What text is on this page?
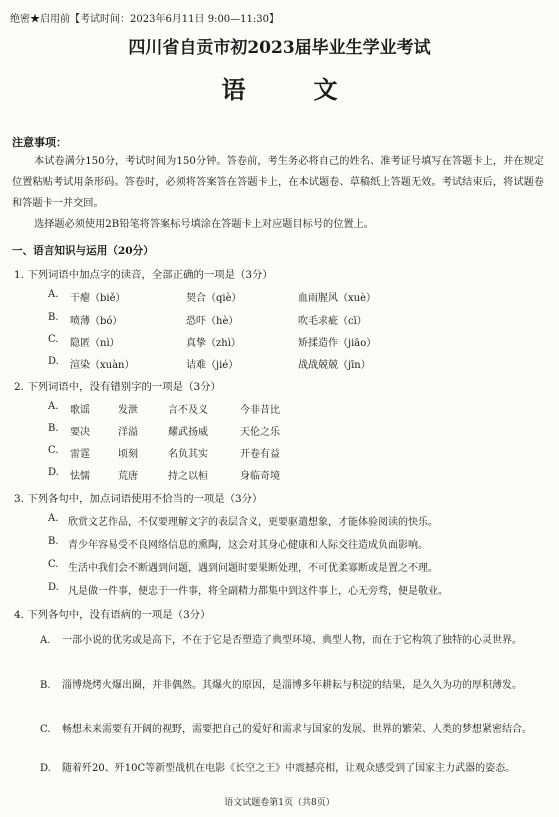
绝密★启用前【考试时间：2023年6月11日 9:00—11:30】
四川省自贡市初2023届毕业生学业考试
语　文
注意事项：
本试卷满分150分，考试时间为150分钟。答卷前，考生务必将自己的姓名、准考证号填写在答题卡上，并在规定位置粘贴考试用条形码。答卷时，必须将答案答在答题卡上，在本试题卷、草稿纸上答题无效。考试结束后，将试题卷和答题卡一并交回。
选择题必须使用2B铅笔将答案标号填涂在答题卡上对应题目标号的位置上。
一、语言知识与运用（20分）
1. 下列词语中加点字的读音，全部正确的一项是（3分）
A. 干瘪（biě）	契合（qiè）	血雨腥风（xuè）
B. 喷薄（bó）	恐吓（hè）	吹毛求疵（cī）
C. 隐匿（nì）	真挚（zhì）	矫揉造作（jiāo）
D. 渲染（xuàn）	诘难（jié）	战战兢兢（jīn）
2. 下列词语中，没有错别字的一项是（3分）
A. 歌谣	发泄	言不及义	今非昔比
B. 要决	洋溢	耀武扬威	天伦之乐
C. 雷霆	顷刻	名负其实	开卷有益
D. 怯懦	荒唐	持之以桓	身临奇境
3. 下列各句中，加点词语使用不恰当的一项是（3分）
A. 欣赏文艺作品，不仅要理解文字的表层含义，更要驱遣想象，才能体验阅读的快乐。
B. 青少年容易受不良网络信息的熏陶，这会对其身心健康和人际交往造成负面影响。
C. 生活中我们会不断遇到问题，遇到问题时要果断处理，不可优柔寡断或是置之不理。
D. 凡是做一件事，便忠于一件事，将全副精力都集中到这件事上，心无旁骛，便是敬业。
4. 下列各句中，没有语病的一项是（3分）
A.	一部小说的优劣或是高下，不在于它是否塑造了典型环境、典型人物，而在于它构筑了独特的心灵世界。
B.	淄博烧烤火爆出圈，并非偶然。其爆火的原因，是淄博多年耕耘与积淀的结果，是久久为功的厚积薄发。
C.	畅想未来需要有开阔的视野，需要把自己的爱好和需求与国家的发展、世界的繁荣、人类的梦想紧密结合。
D.	随着歼20、歼10C等新型战机在电影《长空之王》中震撼亮相，让观众感受到了国家主力武器的姿态。
语文试题卷第1页（共8页）
